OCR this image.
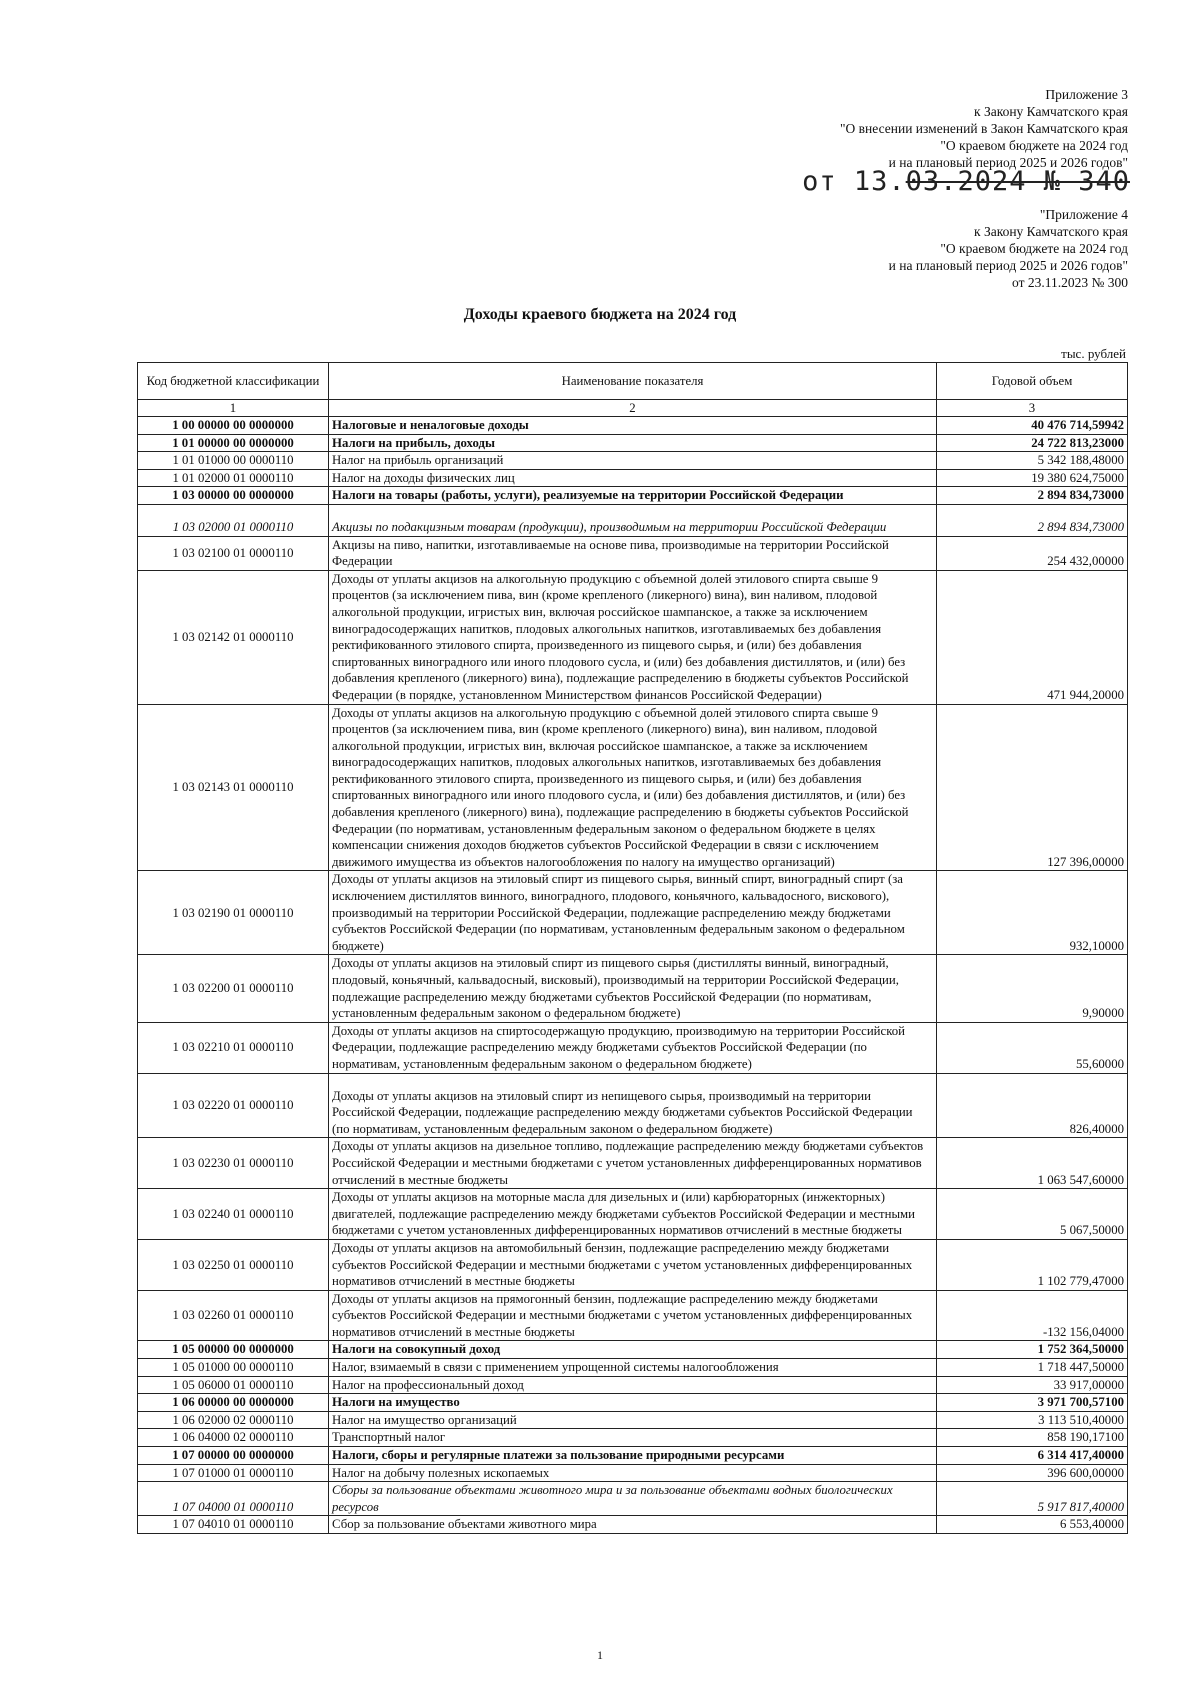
Приложение 3
к Закону Камчатского края
"О внесении изменений в Закон Камчатского края
"О краевом бюджете на 2024 год
и на плановый период 2025 и 2026 годов"
от 13.03.2024 № 340
"Приложение 4
к Закону Камчатского края
"О краевом бюджете на 2024 год
и на плановый период 2025 и 2026 годов"
от 23.11.2023 № 300
Доходы краевого бюджета на 2024 год
тыс. рублей
Код бюджетной классификации	Наименование показателя	Годовой объем
1	2	3
1 00 00000 00 0000000	Налоговые и неналоговые доходы	40 476 714,59942
1 01 00000 00 0000000	Налоги на прибыль, доходы	24 722 813,23000
1 01 01000 00 0000110	Налог на прибыль организаций	5 342 188,48000
1 01 02000 01 0000110	Налог на доходы физических лиц	19 380 624,75000
1 03 00000 00 0000000	Налоги на товары (работы, услуги), реализуемые на территории Российской Федерации	2 894 834,73000
1 03 02000 01 0000110	Акцизы по подакцизным товарам (продукции), производимым на территории Российской Федерации	2 894 834,73000
1 03 02100 01 0000110	Акцизы на пиво, напитки, изготавливаемые на основе пива, производимые на территории Российской Федерации	254 432,00000
1 03 02142 01 0000110	Доходы от уплаты акцизов на алкогольную продукцию с объемной долей этилового спирта свыше 9 процентов (за исключением пива, вин (кроме крепленого (ликерного) вина), вин наливом, плодовой алкогольной продукции, игристых вин, включая российское шампанское, а также за исключением виноградосодержащих напитков, плодовых алкогольных напитков, изготавливаемых без добавления ректификованного этилового спирта, произведенного из пищевого сырья, и (или) без добавления спиртованных виноградного или иного плодового сусла, и (или) без добавления дистиллятов, и (или) без добавления крепленого (ликерного) вина), подлежащие распределению в бюджеты субъектов Российской Федерации (в порядке, установленном Министерством финансов Российской Федерации)	471 944,20000
1 03 02143 01 0000110	Доходы от уплаты акцизов на алкогольную продукцию с объемной долей этилового спирта свыше 9 процентов (за исключением пива, вин (кроме крепленого (ликерного) вина), вин наливом, плодовой алкогольной продукции, игристых вин, включая российское шампанское, а также за исключением виноградосодержащих напитков, плодовых алкогольных напитков, изготавливаемых без добавления ректификованного этилового спирта, произведенного из пищевого сырья, и (или) без добавления спиртованных виноградного или иного плодового сусла, и (или) без добавления дистиллятов, и (или) без добавления крепленого (ликерного) вина), подлежащие распределению в бюджеты субъектов Российской Федерации (по нормативам, установленным федеральным законом о федеральном бюджете в целях компенсации снижения доходов бюджетов субъектов Российской Федерации в связи с исключением движимого имущества из объектов налогообложения по налогу на имущество организаций)	127 396,00000
1 03 02190 01 0000110	Доходы от уплаты акцизов на этиловый спирт из пищевого сырья, винный спирт, виноградный спирт (за исключением дистиллятов винного, виноградного, плодового, коньячного, кальвадосного, вискового), производимый на территории Российской Федерации, подлежащие распределению между бюджетами субъектов Российской Федерации (по нормативам, установленным федеральным законом о федеральном бюджете)	932,10000
1 03 02200 01 0000110	Доходы от уплаты акцизов на этиловый спирт из пищевого сырья (дистилляты винный, виноградный, плодовый, коньячный, кальвадосный, висковый), производимый на территории Российской Федерации, подлежащие распределению между бюджетами субъектов Российской Федерации (по нормативам, установленным федеральным законом о федеральном бюджете)	9,90000
1 03 02210 01 0000110	Доходы от уплаты акцизов на спиртосодержащую продукцию, производимую на территории Российской Федерации, подлежащие распределению между бюджетами субъектов Российской Федерации (по нормативам, установленным федеральным законом о федеральном бюджете)	55,60000
1 03 02220 01 0000110	Доходы от уплаты акцизов на этиловый спирт из непищевого сырья, производимый на территории Российской Федерации, подлежащие распределению между бюджетами субъектов Российской Федерации (по нормативам, установленным федеральным законом о федеральном бюджете)	826,40000
1 03 02230 01 0000110	Доходы от уплаты акцизов на дизельное топливо, подлежащие распределению между бюджетами субъектов Российской Федерации и местными бюджетами с учетом установленных дифференцированных нормативов отчислений в местные бюджеты	1 063 547,60000
1 03 02240 01 0000110	Доходы от уплаты акцизов на моторные масла для дизельных и (или) карбюраторных (инжекторных) двигателей, подлежащие распределению между бюджетами субъектов Российской Федерации и местными бюджетами с учетом установленных дифференцированных нормативов отчислений в местные бюджеты	5 067,50000
1 03 02250 01 0000110	Доходы от уплаты акцизов на автомобильный бензин, подлежащие распределению между бюджетами субъектов Российской Федерации и местными бюджетами с учетом установленных дифференцированных нормативов отчислений в местные бюджеты	1 102 779,47000
1 03 02260 01 0000110	Доходы от уплаты акцизов на прямогонный бензин, подлежащие распределению между бюджетами субъектов Российской Федерации и местными бюджетами с учетом установленных дифференцированных нормативов отчислений в местные бюджеты	-132 156,04000
1 05 00000 00 0000000	Налоги на совокупный доход	1 752 364,50000
1 05 01000 00 0000110	Налог, взимаемый в связи с применением упрощенной системы налогообложения	1 718 447,50000
1 05 06000 01 0000110	Налог на профессиональный доход	33 917,00000
1 06 00000 00 0000000	Налоги на имущество	3 971 700,57100
1 06 02000 02 0000110	Налог на имущество организаций	3 113 510,40000
1 06 04000 02 0000110	Транспортный налог	858 190,17100
1 07 00000 00 0000000	Налоги, сборы и регулярные платежи за пользование природными ресурсами	6 314 417,40000
1 07 01000 01 0000110	Налог на добычу полезных ископаемых	396 600,00000
1 07 04000 01 0000110	Сборы за пользование объектами животного мира и за пользование объектами водных биологических ресурсов	5 917 817,40000
1 07 04010 01 0000110	Сбор за пользование объектами животного мира	6 553,40000
1
